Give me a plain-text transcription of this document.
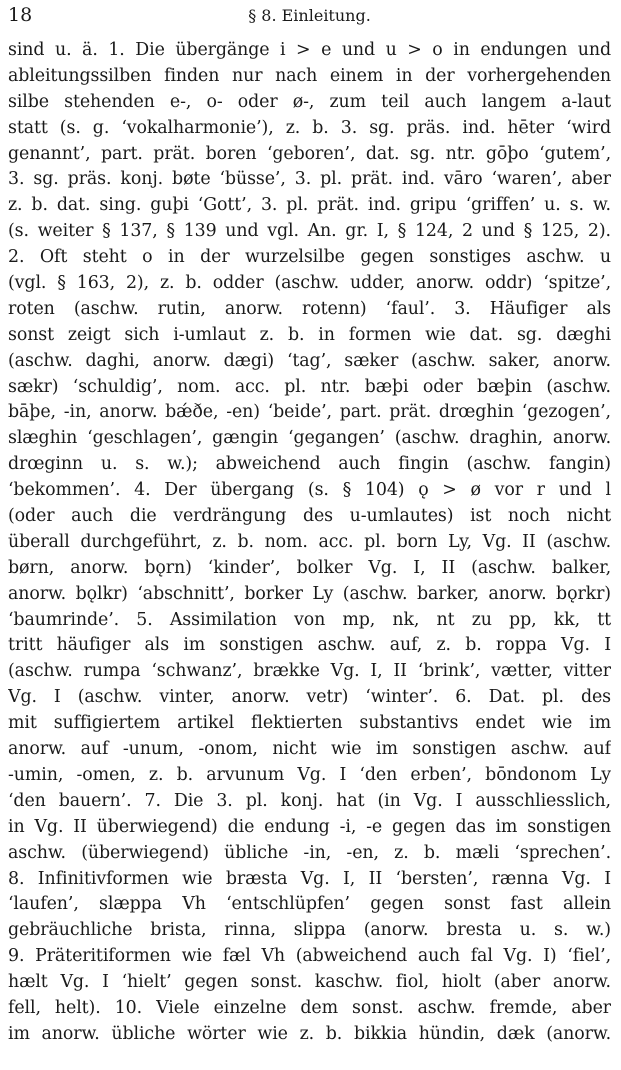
18	§ 8. Einleitung.
sind u. ä. 1. Die übergänge i > e und u > o in endungen und
ableitungssilben finden nur nach einem in der vorhergehenden
silbe stehenden e-, o- oder ø-, zum teil auch langem a-laut
statt (s. g. ‘vokalharmonie’), z. b. 3. sg. präs. ind. hēter ‘wird
genannt’, part. prät. boren ‘geboren’, dat. sg. ntr. gōþo ‘gutem’,
3. sg. präs. konj. bøte ‘büsse’, 3. pl. prät. ind. vāro ‘waren’, aber
z. b. dat. sing. guþi ‘Gott’, 3. pl. prät. ind. gripu ‘griffen’ u. s. w.
(s. weiter § 137, § 139 und vgl. An. gr. I, § 124, 2 und § 125, 2).
2. Oft steht o in der wurzelsilbe gegen sonstiges aschw. u
(vgl. § 163, 2), z. b. odder (aschw. udder, anorw. oddr) ‘spitze’,
roten (aschw. rutin, anorw. rotenn) ‘faul’. 3. Häufiger als
sonst zeigt sich i-umlaut z. b. in formen wie dat. sg. dæghi
(aschw. daghi, anorw. dægi) ‘tag’, sæker (aschw. saker, anorw.
sækr) ‘schuldig’, nom. acc. pl. ntr. bæþi oder bæþin (aschw.
bāþe, -in, anorw. bǽðe, -en) ‘beide’, part. prät. drœghin ‘gezogen’,
slæghin ‘geschlagen’, gængin ‘gegangen’ (aschw. draghin, anorw.
drœginn u. s. w.); abweichend auch fingin (aschw. fangin)
‘bekommen’. 4. Der übergang (s. § 104) ǫ > ø vor r und l
(oder auch die verdrängung des u-umlautes) ist noch nicht
überall durchgeführt, z. b. nom. acc. pl. born Ly, Vg. II (aschw.
børn, anorw. bǫrn) ‘kinder’, bolker Vg. I, II (aschw. balker,
anorw. bǫlkr) ‘abschnitt’, borker Ly (aschw. barker, anorw. bǫrkr)
‘baumrinde’. 5. Assimilation von mp, nk, nt zu pp, kk, tt
tritt häufiger als im sonstigen aschw. auf, z. b. roppa Vg. I
(aschw. rumpa ‘schwanz’, brække Vg. I, II ‘brink’, vætter, vitter
Vg. I (aschw. vinter, anorw. vetr) ‘winter’. 6. Dat. pl. des
mit suffigiertem artikel flektierten substantivs endet wie im
anorw. auf -unum, -onom, nicht wie im sonstigen aschw. auf
-umin, -omen, z. b. arvunum Vg. I ‘den erben’, bōndonom Ly
‘den bauern’. 7. Die 3. pl. konj. hat (in Vg. I ausschliesslich,
in Vg. II überwiegend) die endung -i, -e gegen das im sonstigen
aschw. (überwiegend) übliche -in, -en, z. b. mæli ‘sprechen’.
8. Infinitivformen wie bræsta Vg. I, II ‘bersten’, rænna Vg. I
‘laufen’, slæppa Vh ‘entschlüpfen’ gegen sonst fast allein
gebräuchliche brista, rinna, slippa (anorw. bresta u. s. w.)
9. Präteritiformen wie fæl Vh (abweichend auch fal Vg. I) ‘fiel’,
hælt Vg. I ‘hielt’ gegen sonst. kaschw. fiol, hiolt (aber anorw.
fell, helt). 10. Viele einzelne dem sonst. aschw. fremde, aber
im anorw. übliche wörter wie z. b. bikkia hündin, dæk (anorw.
